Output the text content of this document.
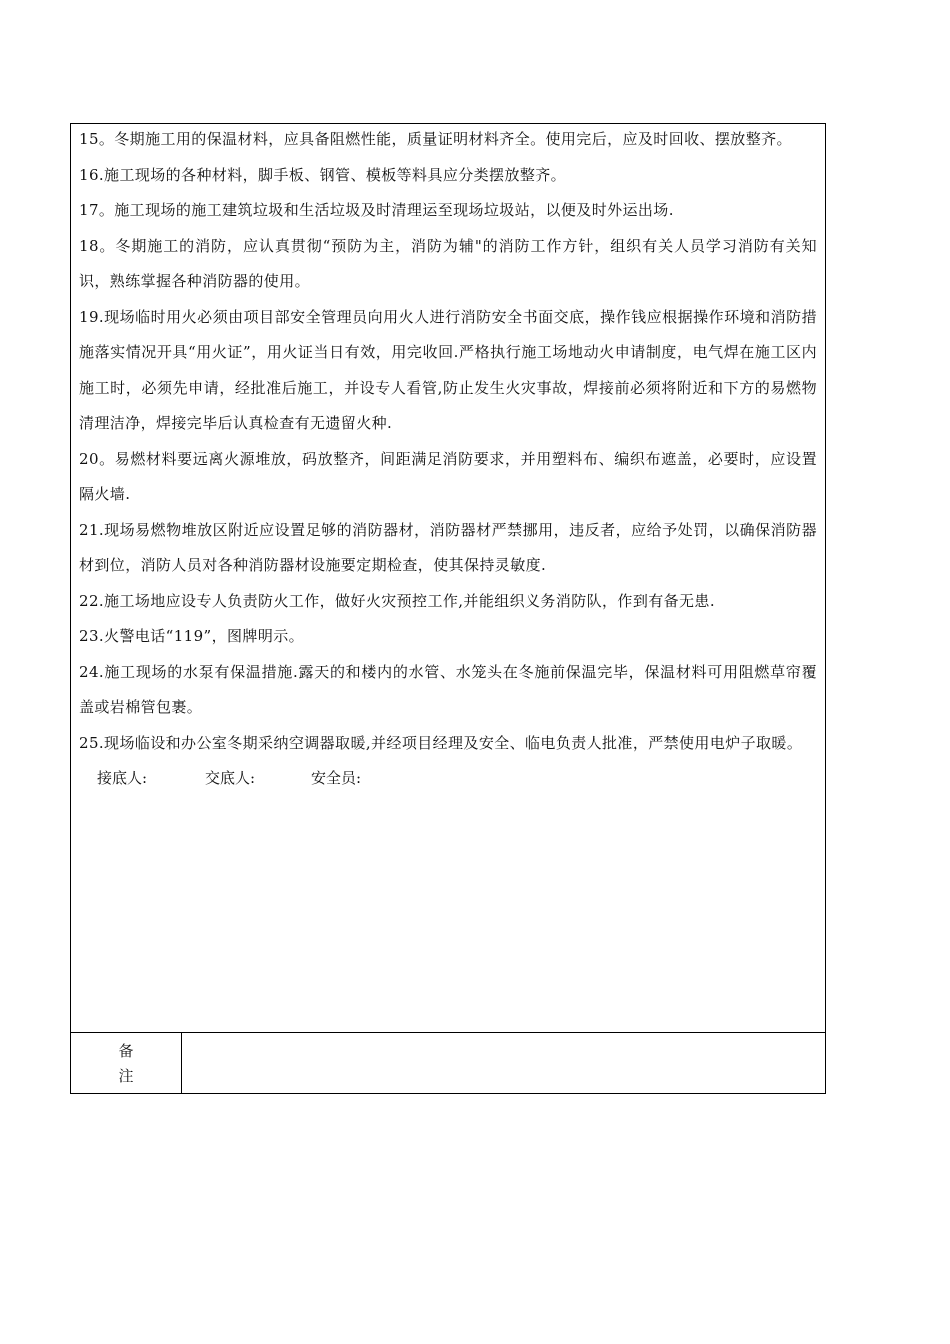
15。冬期施工用的保温材料，应具备阻燃性能，质量证明材料齐全。使用完后，应及时回收、摆放整齐。

16.施工现场的各种材料，脚手板、钢管、模板等料具应分类摆放整齐。

17。施工现场的施工建筑垃圾和生活垃圾及时清理运至现场垃圾站，以便及时外运出场.

18。冬期施工的消防，应认真贯彻“预防为主，消防为辅"的消防工作方针，组织有关人员学习消防有关知识，熟练掌握各种消防器的使用。

19.现场临时用火必须由项目部安全管理员向用火人进行消防安全书面交底，操作钱应根据操作环境和消防措施落实情况开具“用火证”，用火证当日有效，用完收回.严格执行施工场地动火申请制度，电气焊在施工区内施工时，必须先申请，经批准后施工，并设专人看管,防止发生火灾事故，焊接前必须将附近和下方的易燃物清理洁净，焊接完毕后认真检查有无遗留火种.

20。易燃材料要远离火源堆放，码放整齐，间距满足消防要求，并用塑料布、编织布遮盖，必要时，应设置隔火墙.

21.现场易燃物堆放区附近应设置足够的消防器材，消防器材严禁挪用，违反者，应给予处罚，以确保消防器材到位，消防人员对各种消防器材设施要定期检查，使其保持灵敏度.

22.施工场地应设专人负责防火工作，做好火灾预控工作,并能组织义务消防队，作到有备无患.

23.火警电话“119”，图牌明示。

24.施工现场的水泵有保温措施.露天的和楼内的水管、水笼头在冬施前保温完毕，保温材料可用阻燃草帘覆盖或岩棉管包裹。

25.现场临设和办公室冬期采纳空调器取暖,并经项目经理及安全、临电负责人批准，严禁使用电炉子取暖。

接底人:	交底人:	安全员:
备
注
